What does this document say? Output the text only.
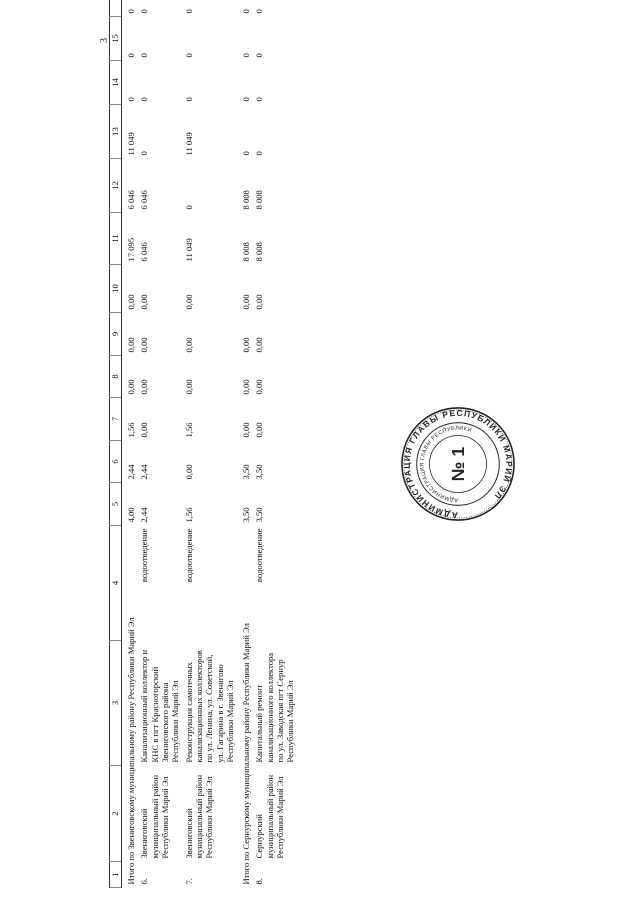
3
1	2	3	4	5	6	7	8	9	10	11	12	13	14	15	
Итого по Звениговскому муниципальному району Республики Марий Эл				4,00	2,44	1,56	0,00	0,00	0,00	17 095	6 046	11 049	0	0	0
6.	Звениговский муниципальный район Республики Марий Эл	Канализационный коллектор и КНС в пгт Красногорский Звениговского района Республики Марий Эл	водоотведение	2,44	2,44	0,00	0,00	0,00	0,00	6 046	6 046	0	0	0	0
7.	Звениговский муниципальный район Республики Марий Эл	Реконструкция самотечных канализационных коллекторов по ул. Ленина, ул. Советской, ул. Гагарина в г. Звенигово Республики Марий Эл	водоотведение	1,56	0,00	1,56	0,00	0,00	0,00	11 049	0	11 049	0	0	0
Итого по Сернурскому муниципальному району Республики Марий Эл				3,50	3,50	0,00	0,00	0,00	0,00	8 008	8 008	0	0	0	0
8.	Сернурский муниципальный район Республики Марий Эл	Капитальный ремонт канализационного коллектора по ул. Заводская пгт Сернур Республики Марий Эл	водоотведение	3,50	3,50	0,00	0,00	0,00	0,00	8 008	8 008	0	0	0	0
АДМИНИСТРАЦИЯ ГЛАВЫ РЕСПУБЛИКИ МАРИЙ ЭЛ
АДМИНИСТРАЦИЯ ГЛАВЫ РЕСПУБЛИКИ
№ 1
